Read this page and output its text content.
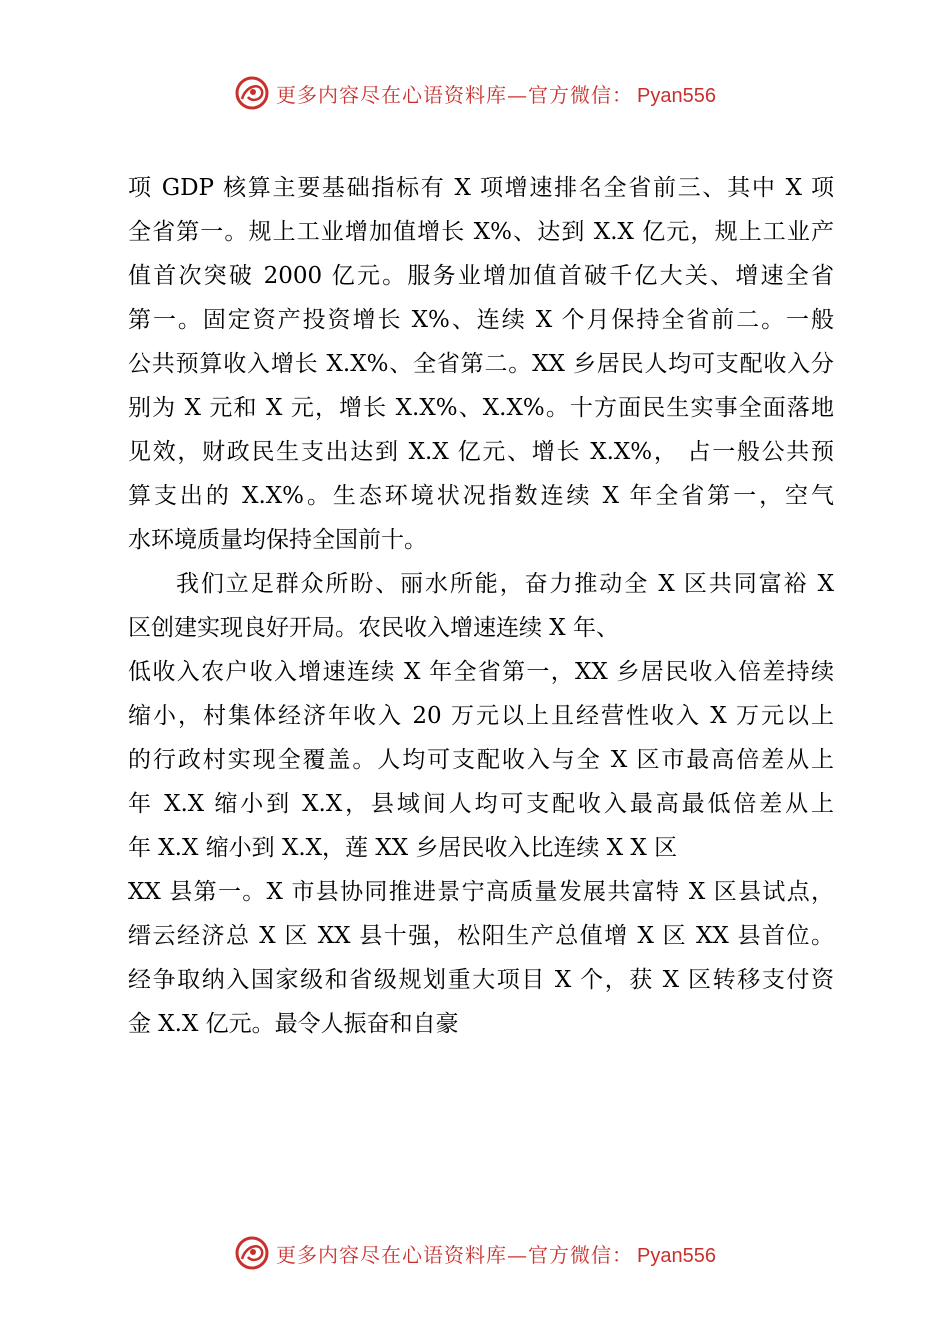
更多内容尽在心语资料库—官方微信： Pyan556
项 GDP 核算主要基础指标有 X 项增速排名全省前三、其中 X 项
全省第一。规上工业增加值增长 X%、达到 X.X 亿元，规上工业产
值首次突破 2000 亿元。服务业增加值首破千亿大关、增速全省
第一。固定资产投资增长 X%、连续 X 个月保持全省前二。一般
公共预算收入增长 X.X%、全省第二。XX 乡居民人均可支配收入分
别为 X 元和 X 元，增长 X.X%、X.X%。十方面民生实事全面落地
见效，财政民生支出达到 X.X 亿元、增长 X.X%， 占一般公共预
算支出的 X.X%。生态环境状况指数连续 X 年全省第一，空气
水环境质量均保持全国前十。
我们立足群众所盼、丽水所能，奋力推动全 X 区共同富裕 X
区创建实现良好开局。农民收入增速连续 X 年、
低收入农户收入增速连续 X 年全省第一，XX 乡居民收入倍差持续
缩小，村集体经济年收入 20 万元以上且经营性收入 X 万元以上
的行政村实现全覆盖。人均可支配收入与全 X 区市最高倍差从上
年 X.X 缩小到 X.X，县域间人均可支配收入最高最低倍差从上
年 X.X 缩小到 X.X，莲 XX 乡居民收入比连续 X X 区
XX 县第一。X 市县协同推进景宁高质量发展共富特 X 区县试点，
缙云经济总 X 区 XX 县十强，松阳生产总值增 X 区 XX 县首位。
经争取纳入国家级和省级规划重大项目 X 个，获 X 区转移支付资
金 X.X 亿元。最令人振奋和自豪
更多内容尽在心语资料库—官方微信： Pyan556
